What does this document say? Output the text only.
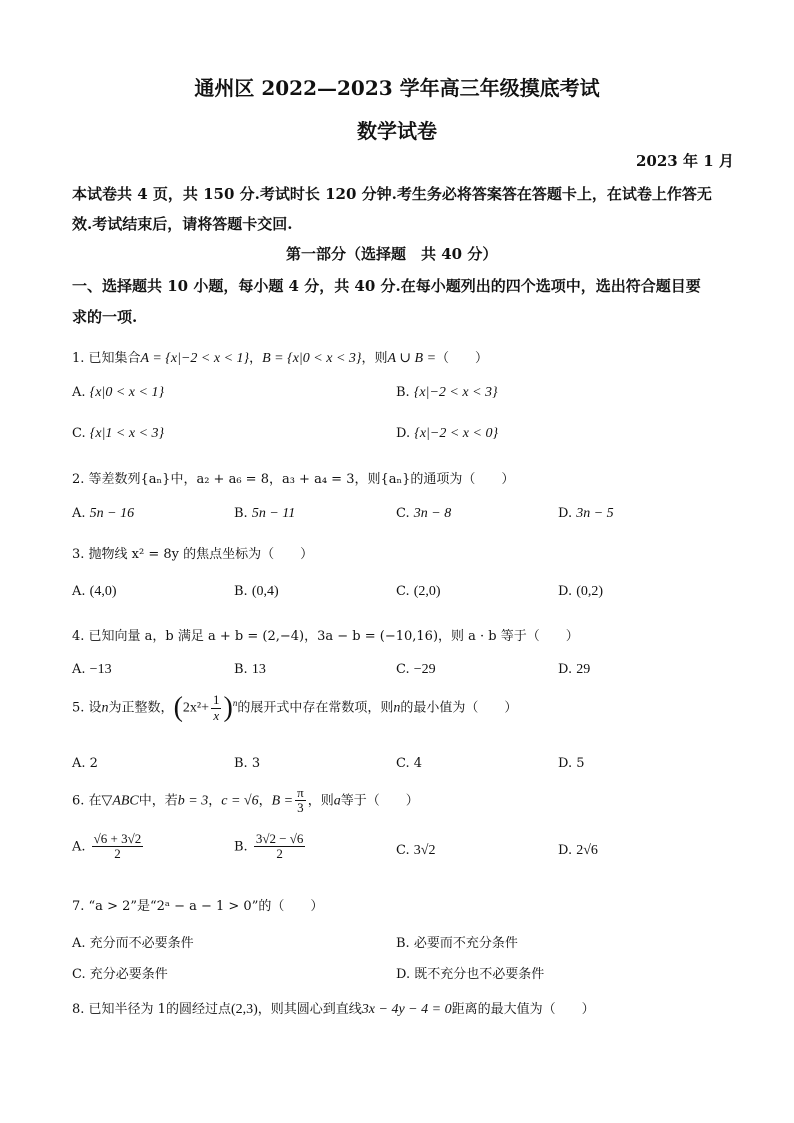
通州区 2022—2023 学年高三年级摸底考试
数学试卷
2023 年 1 月
本试卷共 4 页，共 150 分.考试时长 120 分钟.考生务必将答案答在答题卡上，在试卷上作答无
效.考试结束后，请将答题卡交回.
第一部分（选择题　共 40 分）
一、选择题共 10 小题，每小题 4 分，共 40 分.在每小题列出的四个选项中，选出符合题目要
求的一项.
1. 已知集合A = {x|−2 < x < 1}，B = {x|0 < x < 3}，则A ∪ B =（　　）
A. {x|0 < x < 1}	B. {x|−2 < x < 3}
C. {x|1 < x < 3}	D. {x|−2 < x < 0}
2. 等差数列{aₙ}中，a₂ + a₆ = 8，a₃ + a₄ = 3，则{aₙ}的通项为（　　）
A. 5n − 16	B. 5n − 11	C. 3n − 8	D. 3n − 5
3. 抛物线 x² = 8y 的焦点坐标为（　　）
A. (4,0)	B. (0,4)	C. (2,0)	D. (0,2)
4. 已知向量 a，b 满足 a + b = (2,−4)，3a − b = (−10,16)，则 a · b 等于（　　）
A. −13	B. 13	C. −29	D. 29
5. 设n为正整数，$(2x^2+ \frac{1}{x} )^n$的展开式中存在常数项，则n的最小值为（　　）
A. 2	B. 3	C. 4	D. 5
6. 在▽ABC中，若b = 3，c = √6，$B = \frac{\pi}{3}$ ，则a等于（　　）
A. $\frac{√6 + 3√2}{2}$	B. $\frac{3√2 - √6}{2}$	C. 3√2	D. 2√6
7. “a > 2”是“2ᵃ − a − 1 > 0”的（　　）
A. 充分而不必要条件	B. 必要而不充分条件
C. 充分必要条件	D. 既不充分也不必要条件
8. 已知半径为 1的圆经过点(2,3)，则其圆心到直线3x − 4y − 4 = 0距离的最大值为（　　）
